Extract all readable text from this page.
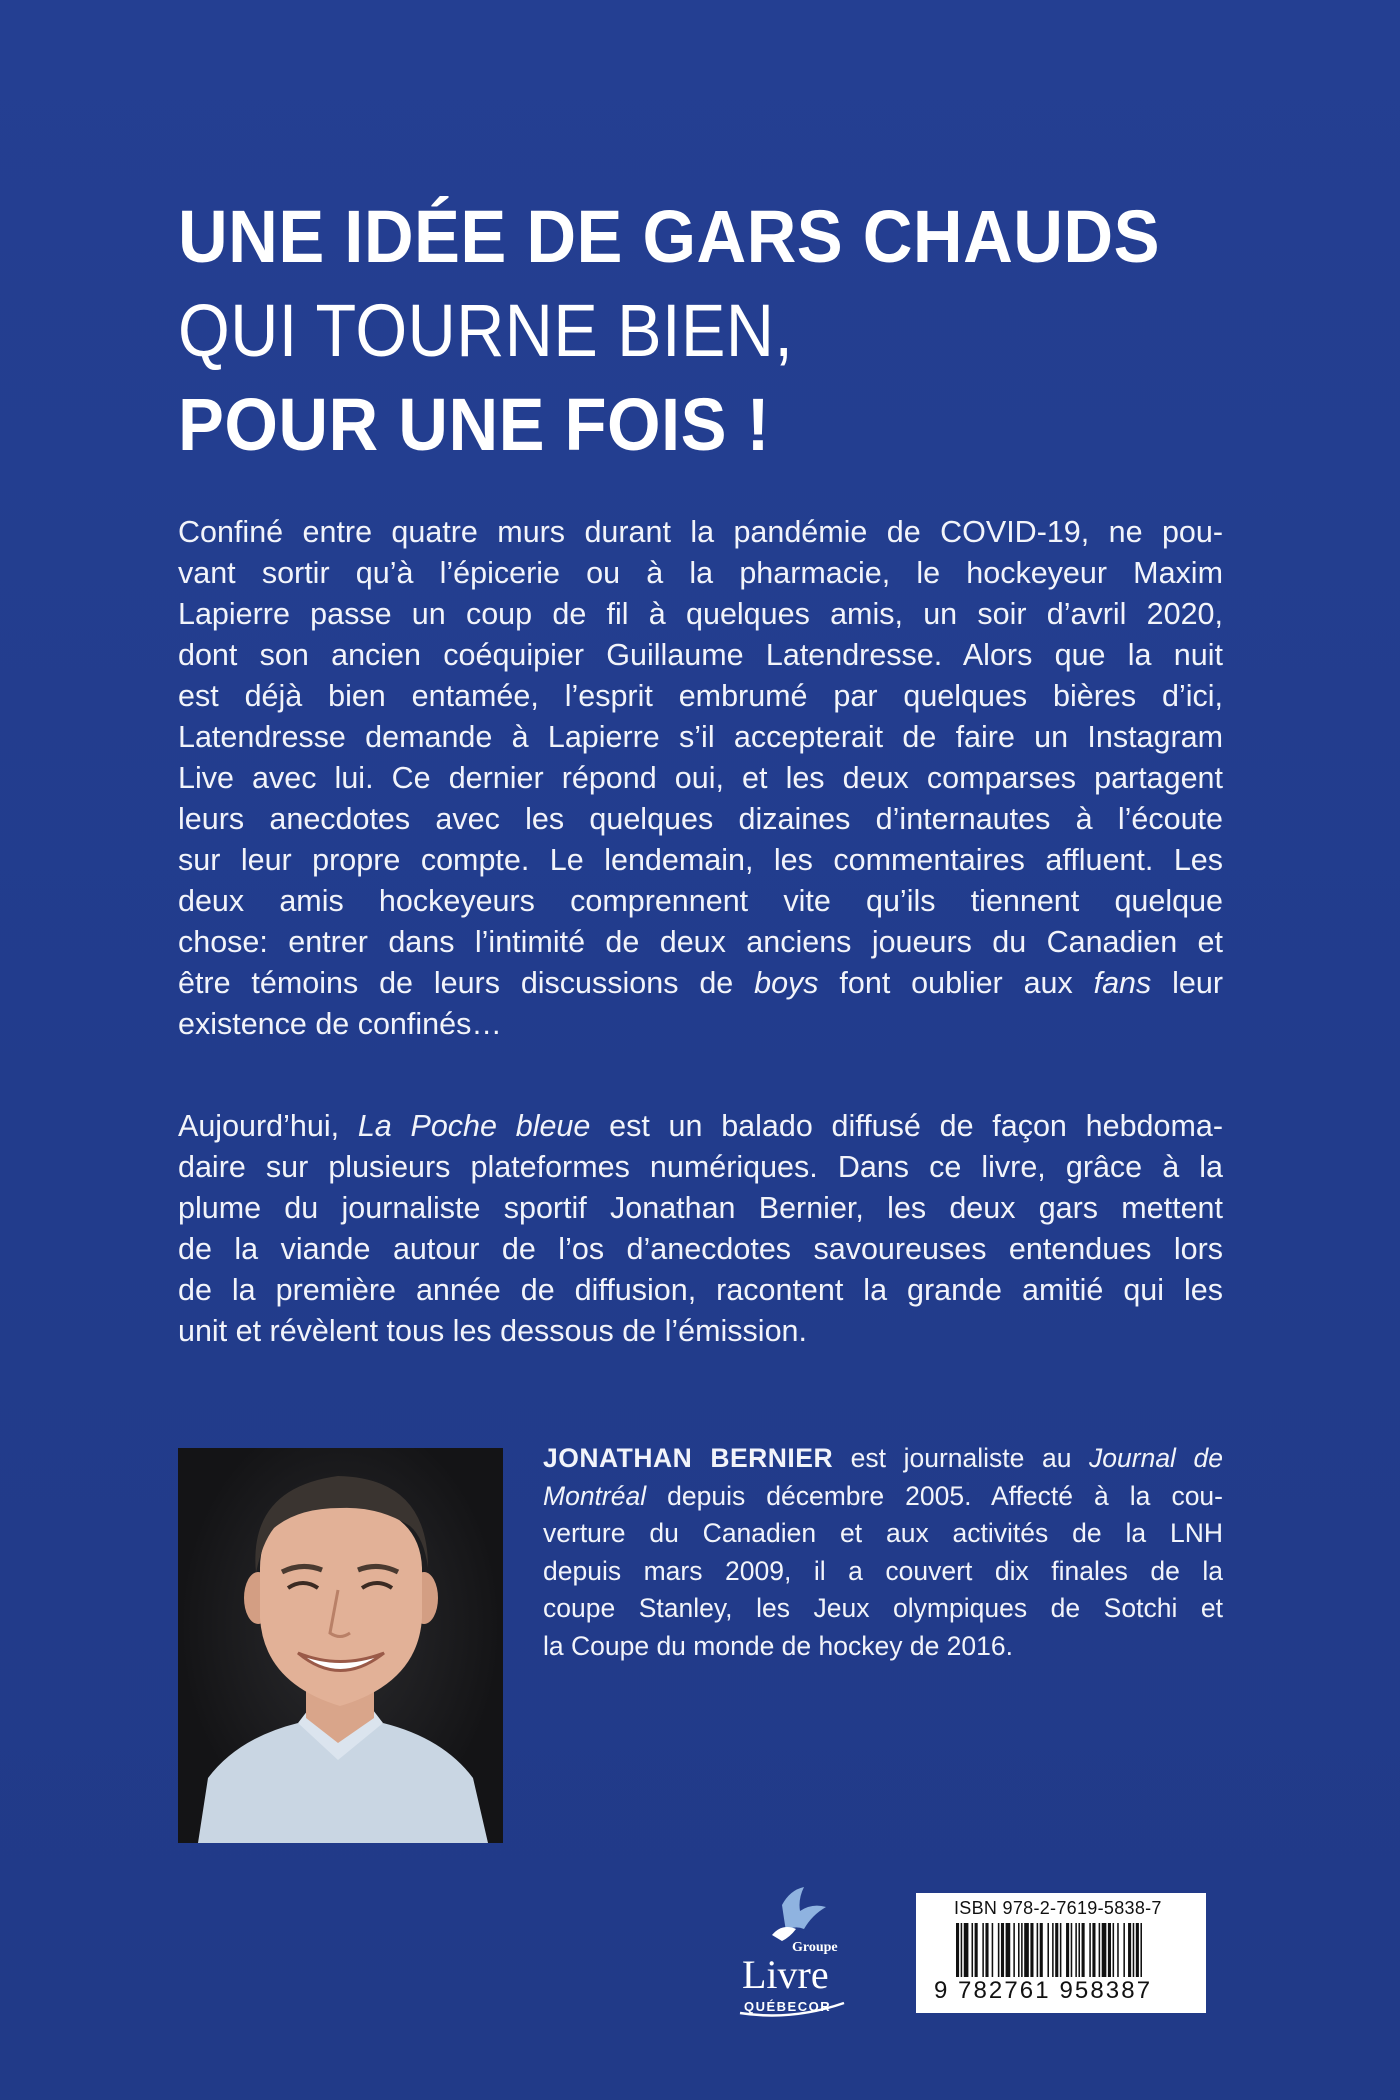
UNE IDÉE DE GARS CHAUDS
QUI TOURNE BIEN,
POUR UNE FOIS !
Confiné entre quatre murs durant la pandémie de COVID-19, ne pou-
vant sortir qu’à l’épicerie ou à la pharmacie, le hockeyeur Maxim
Lapierre passe un coup de fil à quelques amis, un soir d’avril 2020,
dont son ancien coéquipier Guillaume Latendresse. Alors que la nuit
est déjà bien entamée, l’esprit embrumé par quelques bières d’ici,
Latendresse demande à Lapierre s’il accepterait de faire un Instagram
Live avec lui. Ce dernier répond oui, et les deux comparses partagent
leurs anecdotes avec les quelques dizaines d’internautes à l’écoute
sur leur propre compte. Le lendemain, les commentaires affluent. Les
deux amis hockeyeurs comprennent vite qu’ils tiennent quelque
chose: entrer dans l’intimité de deux anciens joueurs du Canadien et
être témoins de leurs discussions de boys font oublier aux fans leur
existence de confinés…
Aujourd’hui, La Poche bleue est un balado diffusé de façon hebdoma-
daire sur plusieurs plateformes numériques. Dans ce livre, grâce à la
plume du journaliste sportif Jonathan Bernier, les deux gars mettent
de la viande autour de l’os d’anecdotes savoureuses entendues lors
de la première année de diffusion, racontent la grande amitié qui les
unit et révèlent tous les dessous de l’émission.
JONATHAN BERNIER est journaliste au Journal de
Montréal depuis décembre 2005. Affecté à la cou-
verture du Canadien et aux activités de la LNH
depuis mars 2009, il a couvert dix finales de la
coupe Stanley, les Jeux olympiques de Sotchi et
la Coupe du monde de hockey de 2016.
Groupe
Livre
QUÉBECOR
ISBN 978-2-7619-5838-7
9 782761 958387
